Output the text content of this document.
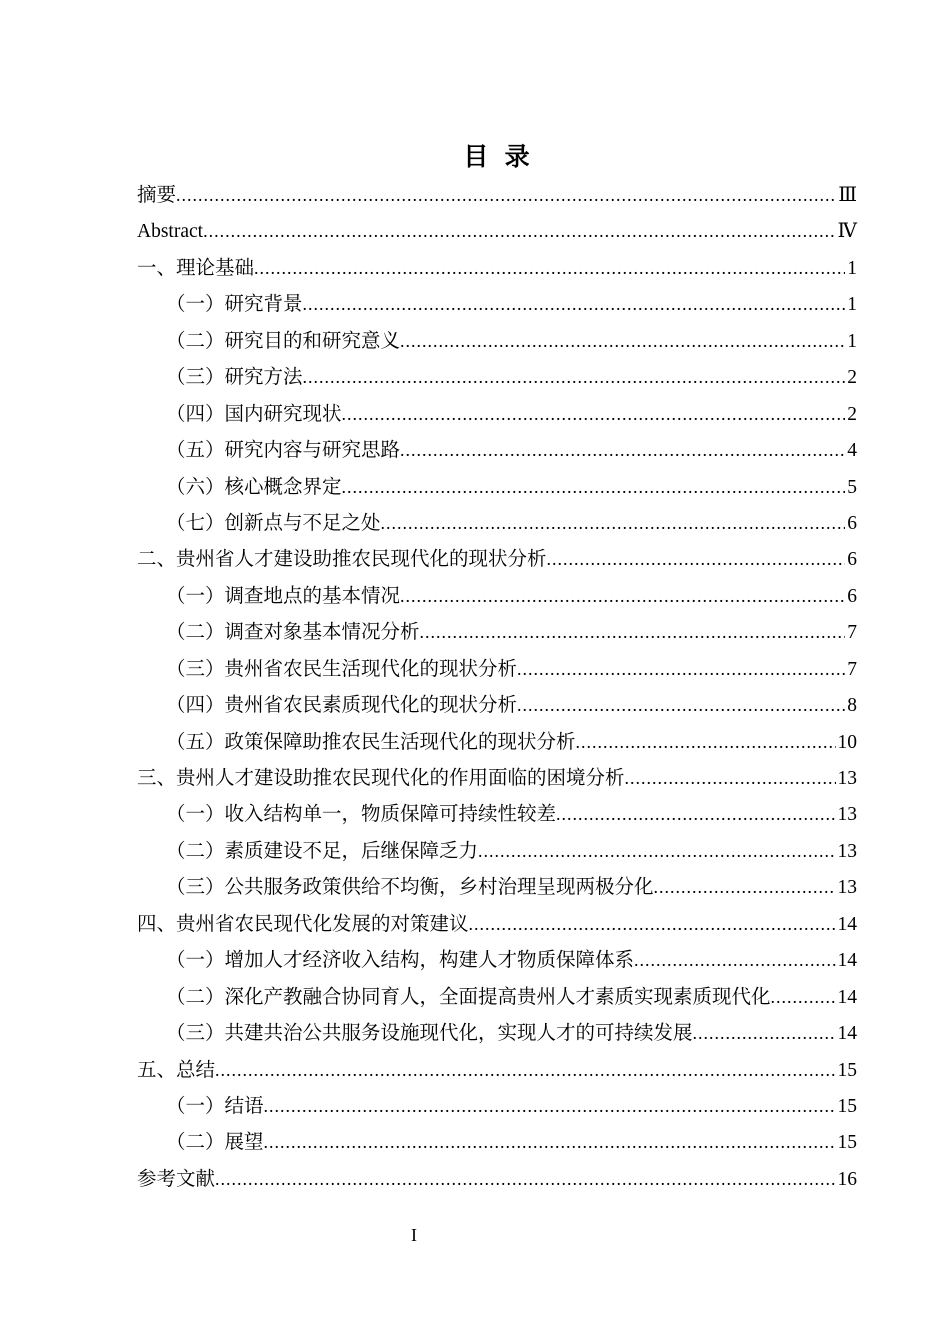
目 录
摘要 .....	Ⅲ
Abstract .....	Ⅳ
一、理论基础 .....	1
（一）研究背景 .....	1
（二）研究目的和研究意义 .....	1
（三）研究方法 .....	2
（四）国内研究现状 .....	2
（五）研究内容与研究思路 .....	4
（六）核心概念界定 .....	5
（七）创新点与不足之处 .....	6
二、贵州省人才建设助推农民现代化的现状分析 .....	6
（一）调查地点的基本情况 .....	6
（二）调查对象基本情况分析 .....	7
（三）贵州省农民生活现代化的现状分析 .....	7
（四）贵州省农民素质现代化的现状分析 .....	8
（五）政策保障助推农民生活现代化的现状分析 .....	10
三、贵州人才建设助推农民现代化的作用面临的困境分析 .....	13
（一）收入结构单一，物质保障可持续性较差 .....	13
（二）素质建设不足，后继保障乏力 .....	13
（三）公共服务政策供给不均衡，乡村治理呈现两极分化 .....	13
四、贵州省农民现代化发展的对策建议 .....	14
（一）增加人才经济收入结构，构建人才物质保障体系 .....	14
（二）深化产教融合协同育人，全面提高贵州人才素质实现素质现代化 .....	14
（三）共建共治公共服务设施现代化，实现人才的可持续发展 .....	14
五、总结 .....	15
（一）结语 .....	15
（二）展望 .....	15
参考文献 .....	16
I
